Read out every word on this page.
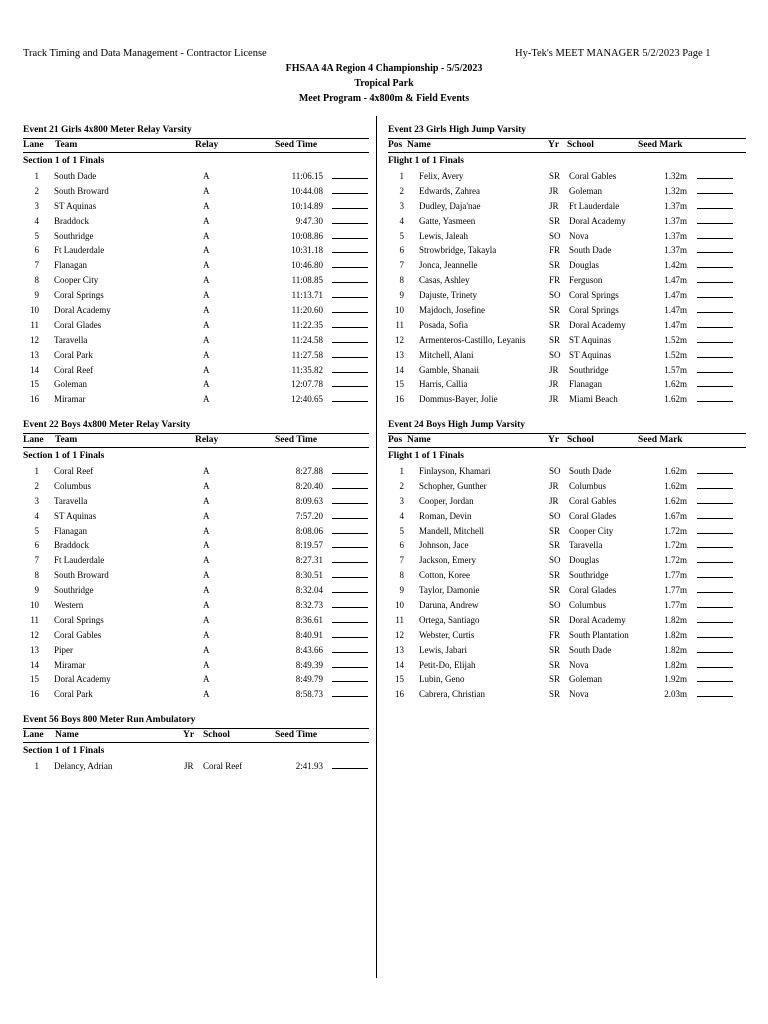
Track Timing and Data Management - Contractor License	Hy-Tek's MEET MANAGER 5/2/2023 Page 1
FHSAA 4A Region 4 Championship - 5/5/2023
Tropical Park
Meet Program - 4x800m & Field Events
Event 21 Girls 4x800 Meter Relay Varsity
Lane Team	Relay	Seed Time
Section 1 of 1 Finals
1 South Dade	A	11:06.15
2 South Broward	A	10:44.08
3 ST Aquinas	A	10:14.89
4 Braddock	A	9:47.30
5 Southridge	A	10:08.86
6 Ft Lauderdale	A	10:31.18
7 Flanagan	A	10:46.80
8 Cooper City	A	11:08.85
9 Coral Springs	A	11:13.71
10 Doral Academy	A	11:20.60
11 Coral Glades	A	11:22.35
12 Taravella	A	11:24.58
13 Coral Park	A	11:27.58
14 Coral Reef	A	11:35.82
15 Goleman	A	12:07.78
16 Miramar	A	12:40.65
Event 22 Boys 4x800 Meter Relay Varsity
Lane Team	Relay	Seed Time
Section 1 of 1 Finals
1 Coral Reef	A	8:27.88
2 Columbus	A	8:20.40
3 Taravella	A	8:09.63
4 ST Aquinas	A	7:57.20
5 Flanagan	A	8:08.06
6 Braddock	A	8:19.57
7 Ft Lauderdale	A	8:27.31
8 South Broward	A	8:30.51
9 Southridge	A	8:32.04
10 Western	A	8:32.73
11 Coral Springs	A	8:36.61
12 Coral Gables	A	8:40.91
13 Piper	A	8:43.66
14 Miramar	A	8:49.39
15 Doral Academy	A	8:49.79
16 Coral Park	A	8:58.73
Event 56 Boys 800 Meter Run Ambulatory
Lane Name	Yr School	Seed Time
Section 1 of 1 Finals
1 Delancy, Adrian	JR Coral Reef	2:41.93
Event 23 Girls High Jump Varsity
Pos Name	Yr School	Seed Mark
Flight 1 of 1 Finals
1 Felix, Avery	SR Coral Gables	1.32m
2 Edwards, Zahrea	JR Goleman	1.32m
3 Dudley, Daja'nae	JR Ft Lauderdale	1.37m
4 Gatte, Yasmeen	SR Doral Academy	1.37m
5 Lewis, Jaleah	SO Nova	1.37m
6 Strowbridge, Takayla	FR South Dade	1.37m
7 Jonca, Jeannelle	SR Douglas	1.42m
8 Casas, Ashley	FR Ferguson	1.47m
9 Dajuste, Trinety	SO Coral Springs	1.47m
10 Majdoch, Josefine	SR Coral Springs	1.47m
11 Posada, Sofia	SR Doral Academy	1.47m
12 Armenteros-Castillo, Leyanis	SR ST Aquinas	1.52m
13 Mitchell, Alani	SO ST Aquinas	1.52m
14 Gamble, Shanaii	JR Southridge	1.57m
15 Harris, Callia	JR Flanagan	1.62m
16 Dommus-Bayer, Jolie	JR Miami Beach	1.62m
Event 24 Boys High Jump Varsity
Pos Name	Yr School	Seed Mark
Flight 1 of 1 Finals
1 Finlayson, Khamari	SO South Dade	1.62m
2 Schopher, Gunther	JR Columbus	1.62m
3 Cooper, Jordan	JR Coral Gables	1.62m
4 Roman, Devin	SO Coral Glades	1.67m
5 Mandell, Mitchell	SR Cooper City	1.72m
6 Johnson, Jace	SR Taravella	1.72m
7 Jackson, Emery	SO Douglas	1.72m
8 Cotton, Koree	SR Southridge	1.77m
9 Taylor, Damonie	SR Coral Glades	1.77m
10 Daruna, Andrew	SO Columbus	1.77m
11 Ortega, Santiago	SR Doral Academy	1.82m
12 Webster, Curtis	FR South Plantation	1.82m
13 Lewis, Jabari	SR South Dade	1.82m
14 Petit-Do, Elijah	SR Nova	1.82m
15 Lubin, Geno	SR Goleman	1.92m
16 Cabrera, Christian	SR Nova	2.03m
